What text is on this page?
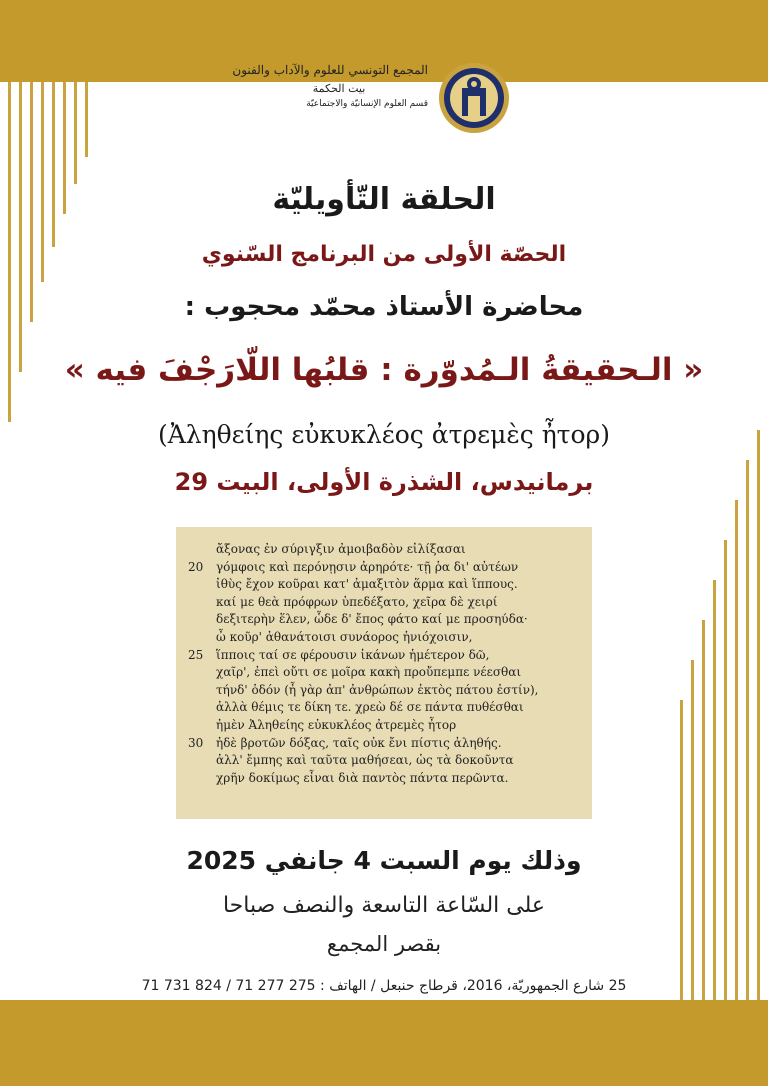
المجمع التونسي للعلوم والآداب والفنون
بيت الحكمة
قسم العلوم الإنسانيّة والاجتماعيّة
الحلقة التّأويليّة
الحصّة الأولى من البرنامج السّنوي
محاضرة الأستاذ محمّد محجوب :
« الـحقيقةُ الـمُدوّرة : قلبُها اللّارَجْفَ فيه »
(Ἀληθείης εὐκυκλέος ἀτρεμὲς ἦτορ)
برمانيدس، الشذرة الأولى، البيت 29
ἄξονας ἐν σύριγξιν ἀμοιβαδὸν εἰλίξασαι
20	γόμφοις καὶ περόνῃσιν ἀρηρότε· τῇ ῥα δι' αὐτέων
ἰθὺς ἔχον κοῦραι κατ' ἀμαξιτὸν ἅρμα καὶ ἵππους.
καί με θεὰ πρόφρων ὑπεδέξατο, χεῖρα δὲ χειρί
δεξιτερὴν ἕλεν, ὧδε δ' ἔπος φάτο καί με προσηύδα·
ὦ κοῦρ' ἀθανάτοισι συνάορος ἡνιόχοισιν,
25	ἵπποις ταί σε φέρουσιν ἱκάνων ἡμέτερον δῶ,
χαῖρ', ἐπεὶ οὔτι σε μοῖρα κακὴ προὔπεμπε νέεσθαι
τήνδ' ὁδόν (ἦ γὰρ ἀπ' ἀνθρώπων ἐκτὸς πάτου ἐστίν),
ἀλλὰ θέμις τε δίκη τε. χρεὼ δέ σε πάντα πυθέσθαι
ἠμὲν Ἀληθείης εὐκυκλέος ἀτρεμὲς ἦτορ
30	ἠδὲ βροτῶν δόξας, ταῖς οὐκ ἔνι πίστις ἀληθής.
ἀλλ' ἔμπης καὶ ταῦτα μαθήσεαι, ὡς τὰ δοκοῦντα
χρῆν δοκίμως εἶναι διὰ παντὸς πάντα περῶντα.
وذلك يوم السبت 4 جانفي 2025
على السّاعة التاسعة والنصف صباحا
بقصر المجمع
25 شارع الجمهوريّة، 2016، قرطاج حنبعل / الهاتف : 275 277 71 / 824 731 71
